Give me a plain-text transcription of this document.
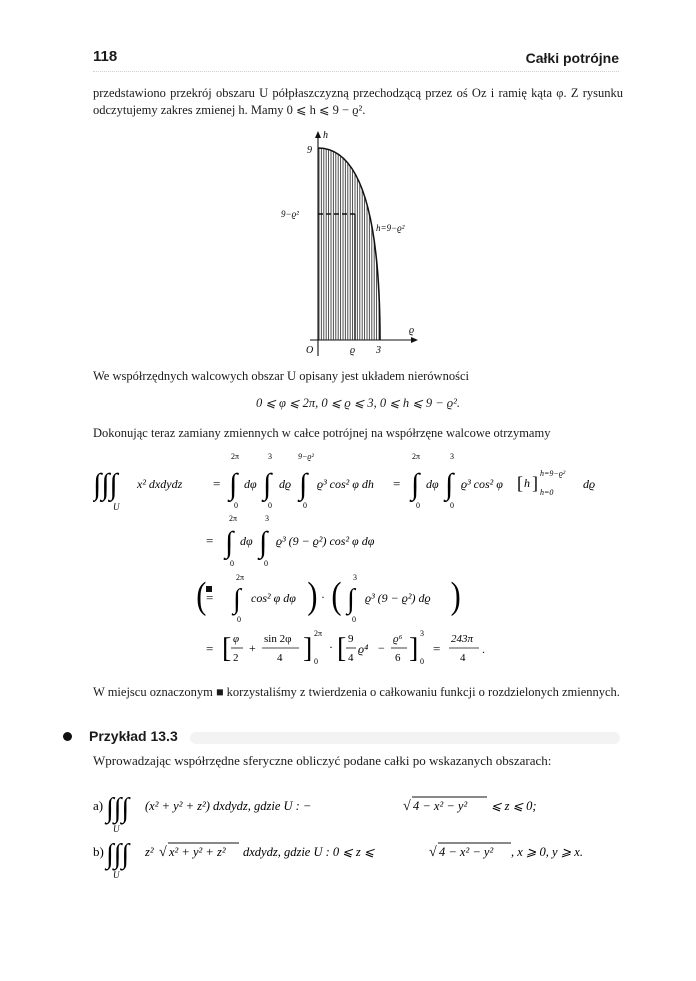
118	Całki potrójne
przedstawiono przekrój obszaru U półpłaszczyzną przechodzącą przez oś Oz i ramię kąta φ. Z rysunku odczytujemy zakres zmienej h. Mamy 0 ⩽ h ⩽ 9 − ϱ².
h
ϱ
9
9−ϱ²
h=9−ϱ²
O	ϱ 3
We współrzędnych walcowych obszar U opisany jest układem nierówności
0 ⩽ φ ⩽ 2π, 0 ⩽ ϱ ⩽ 3, 0 ⩽ h ⩽ 9 − ϱ².
Dokonując teraz zamiany zmiennych w całce potrójnej na współrzęne walcowe otrzymamy
∫∫∫ x² dxdydz
U
= ∫
2π
0
dφ ∫
3
0
dϱ ∫
9−ϱ²
0
ϱ³ cos² φ dh = ∫
2π
0
dφ ∫
3
0
ϱ³ cos² φ [ h ] h=9−ϱ²
h=0
dϱ
2π
= ∫
0
dφ
3
∫
0
ϱ³ (9 − ϱ²) cos² φ dφ
=
( ∫
2π
0
cos² φ dφ ) · ( ∫
3
0
ϱ³ (9 − ϱ²) dϱ )
= [ φ
2
+
sin 2φ
4 ] 2π
0
· [ 9
4
ϱ⁴ −
ϱ⁶
6 ] 3
0
=
243π
4
.
W miejscu oznaczonym ■ korzystaliśmy z twierdzenia o całkowaniu funkcji o rozdzielonych zmiennych.
Przykład 13.3
Wprowadzając współrzędne sferyczne obliczyć podane całki po wskazanych obszarach:
a) ∫∫∫
U
(x² + y² + z²) dxdydz, gdzie U : −	√ 4 − x² − y² ⩽ z ⩽ 0;
b) ∫∫∫
U
z² √ x² + y² + z² dxdydz, gdzie U : 0 ⩽ z ⩽	√ 4 − x² − y² , x ⩾ 0, y ⩾ x.
